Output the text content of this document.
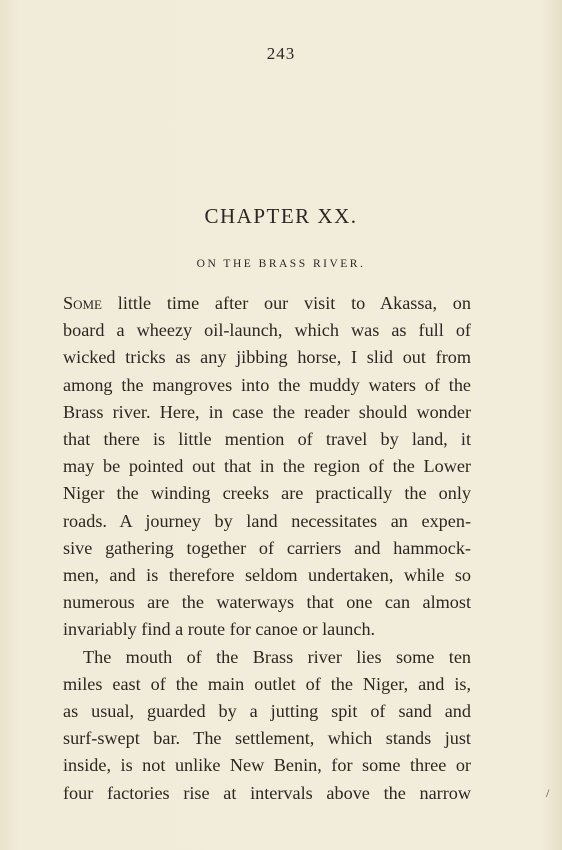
243
CHAPTER XX.
ON THE BRASS RIVER.
Some little time after our visit to Akassa, on
board a wheezy oil-launch, which was as full of
wicked tricks as any jibbing horse, I slid out from
among the mangroves into the muddy waters of the
Brass river. Here, in case the reader should wonder
that there is little mention of travel by land, it
may be pointed out that in the region of the Lower
Niger the winding creeks are practically the only
roads. A journey by land necessitates an expen-
sive gathering together of carriers and hammock-
men, and is therefore seldom undertaken, while so
numerous are the waterways that one can almost
invariably find a route for canoe or launch.
The mouth of the Brass river lies some ten
miles east of the main outlet of the Niger, and is,
as usual, guarded by a jutting spit of sand and
surf-swept bar. The settlement, which stands just
inside, is not unlike New Benin, for some three or
four factories rise at intervals above the narrow	/
